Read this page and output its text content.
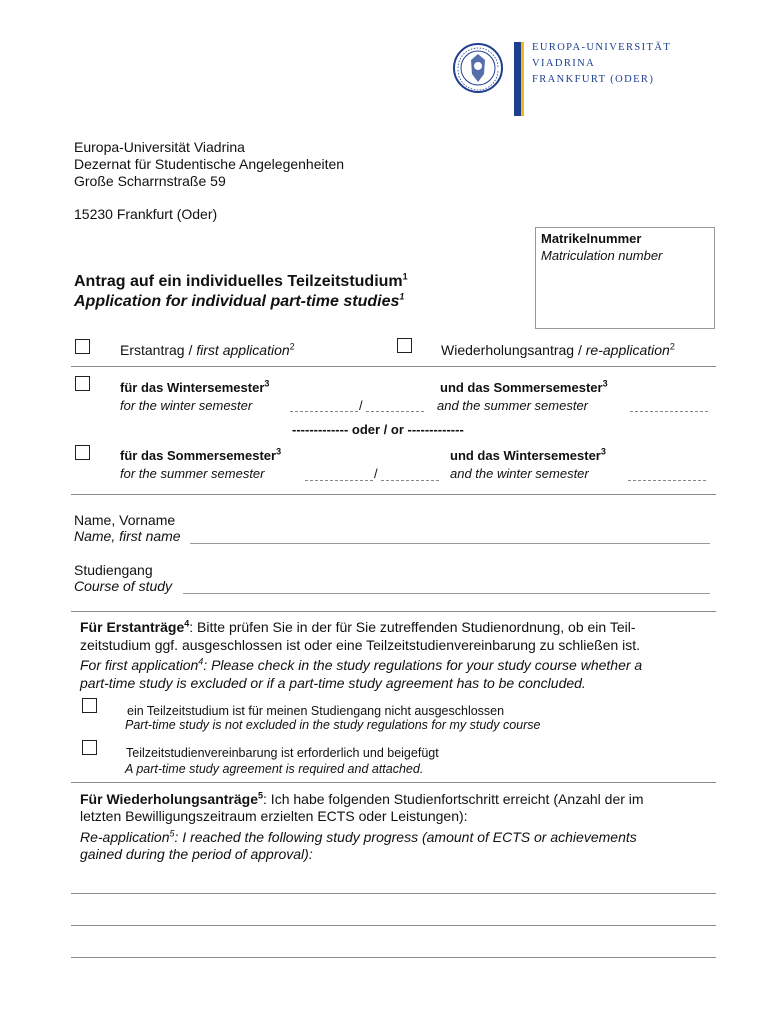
EUROPA-UNIVERSITÄT
VIADRINA
FRANKFURT (ODER)
Europa-Universität Viadrina
Dezernat für Studentische Angelegenheiten
Große Scharrnstraße 59
15230 Frankfurt (Oder)
Matrikelnummer
Matriculation number
Antrag auf ein individuelles Teilzeitstudium$^1$
Application for individual part-time studies$^1$
Erstantrag / first application$^2$	Wiederholungsantrag / re-application$^2$
für das Wintersemester$^3$
for the winter semester	/
und das Sommersemester$^3$
and the summer semester
------------- oder / or -------------
für das Sommersemester$^3$
for the summer semester	/
und das Wintersemester$^3$
and the winter semester
Name, Vorname
Name, first name
Studiengang
Course of study
Für Erstanträge$^4$: Bitte prüfen Sie in der für Sie zutreffenden Studienordnung, ob ein Teil-
zeitstudium ggf. ausgeschlossen ist oder eine Teilzeitstudienvereinbarung zu schließen ist.
For first application$^4$: Please check in the study regulations for your study course whether a
part-time study is excluded or if a part-time study agreement has to be concluded.
ein Teilzeitstudium ist für meinen Studiengang nicht ausgeschlossen
Part-time study is not excluded in the study regulations for my study course
Teilzeitstudienvereinbarung ist erforderlich und beigefügt
A part-time study agreement is required and attached.
Für Wiederholungsanträge$^5$: Ich habe folgenden Studienfortschritt erreicht (Anzahl der im
letzten Bewilligungszeitraum erzielten ECTS oder Leistungen):
Re-application$^5$: I reached the following study progress (amount of ECTS or achievements
gained during the period of approval):
